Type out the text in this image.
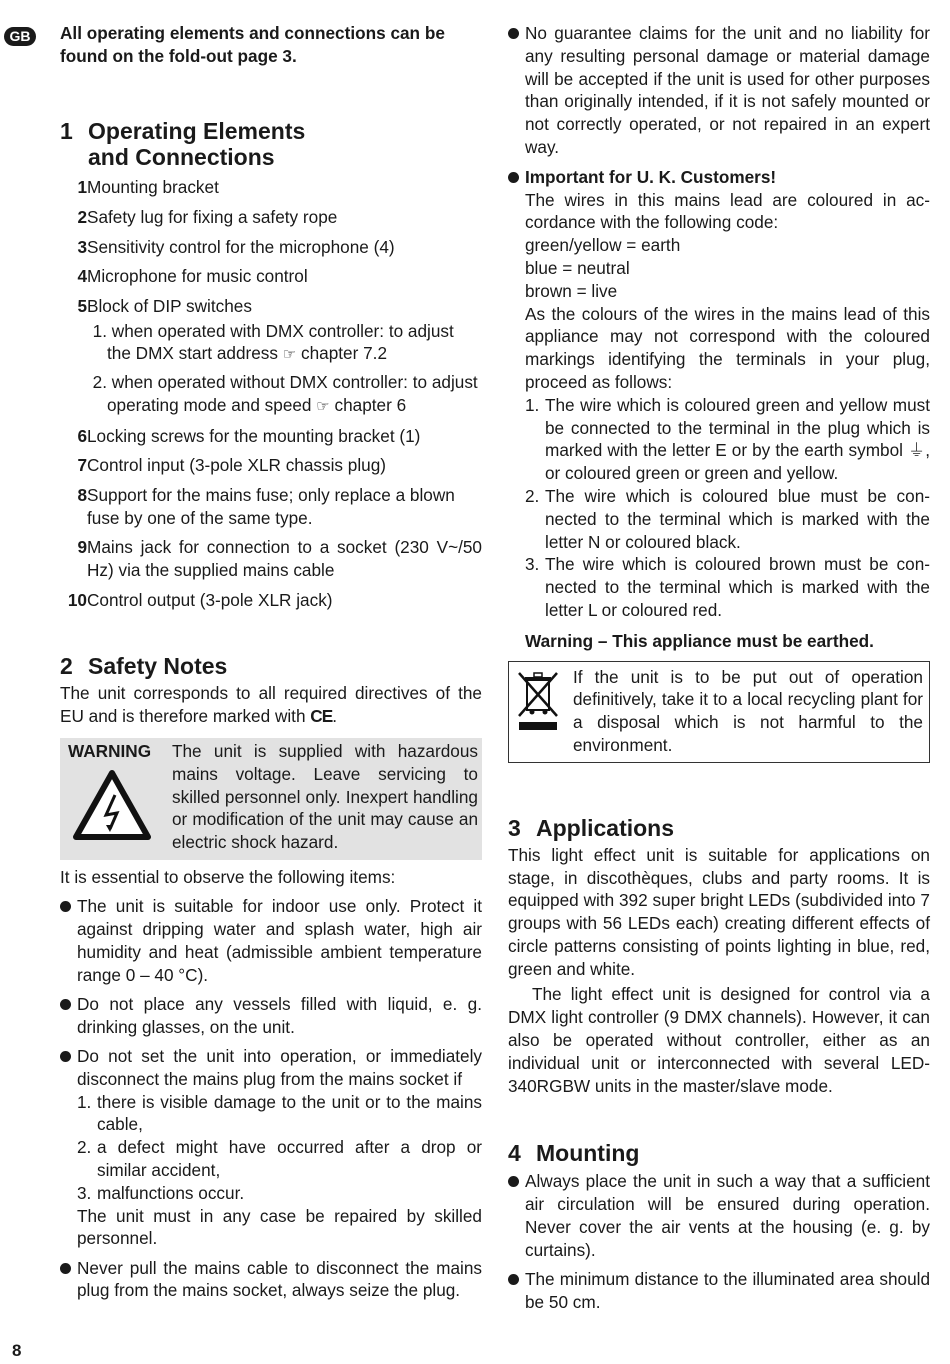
GB	All operating elements and connections can be found on the fold-out page 3.

1 Operating Elements
and Connections
1 Mounting bracket
2 Safety lug for fixing a safety rope
3 Sensitivity control for the microphone (4)
4 Microphone for music control
5 Block of DIP switches
1. when operated with DMX controller: to adjust the DMX start address ☞ chapter 7.2
2. when operated without DMX controller: to adjust operating mode and speed ☞ chapter 6
6 Locking screws for the mounting bracket (1)
7 Control input (3-pole XLR chassis plug)
8 Support for the mains fuse; only replace a blown fuse by one of the same type.
9 Mains jack for connection to a socket (230 V~/50 Hz) via the supplied mains cable
10 Control output (3-pole XLR jack)
2 Safety Notes

The unit corresponds to all required directives of the EU and is therefore marked with CE.

WARNING	The unit is supplied with hazardous mains voltage. Leave servicing to skilled personnel only. Inexpert handling or modification of the unit may cause an electric shock hazard.

It is essential to observe the following items:

The unit is suitable for indoor use only. Protect it against dripping water and splash water, high air humidity and heat (admissible ambient temperature range 0 – 40 °C).
Do not place any vessels filled with liquid, e. g. drinking glasses, on the unit.
Do not set the unit into operation, or immediately disconnect the mains plug from the mains socket if
1. there is visible damage to the unit or to the mains cable,
2. a defect might have occurred after a drop or similar accident,
3. malfunctions occur.
The unit must in any case be repaired by skilled personnel.
Never pull the mains cable to disconnect the mains plug from the mains socket, always seize the plug.
No guarantee claims for the unit and no liability for any resulting personal damage or material damage will be accepted if the unit is used for other purposes than originally intended, if it is not safely mounted or not correctly operated, or not repaired in an expert way.
Important for U. K. Customers!
The wires in this mains lead are coloured in accordance with the following code:
green/yellow = earth
blue = neutral
brown = live
As the colours of the wires in the mains lead of this appliance may not correspond with the coloured markings identifying the terminals in your plug, proceed as follows:
1. The wire which is coloured green and yellow must be connected to the terminal in the plug which is marked with the letter E or by the earth symbol ⏚, or coloured green or green and yellow.
2. The wire which is coloured blue must be connected to the terminal which is marked with the letter N or coloured black.
3. The wire which is coloured brown must be connected to the terminal which is marked with the letter L or coloured red.

Warning – This appliance must be earthed.

If the unit is to be put out of operation definitively, take it to a local recycling plant for a disposal which is not harmful to the environment.
3 Applications

This light effect unit is suitable for applications on stage, in discothèques, clubs and party rooms. It is equipped with 392 super bright LEDs (subdivided into 7 groups with 56 LEDs each) creating different effects of circle patterns consisting of points lighting in blue, red, green and white.

The light effect unit is designed for control via a DMX light controller (9 DMX channels). However, it can also be operated without controller, either as an individual unit or interconnected with several LED-340RGBW units in the master/slave mode.

4 Mounting
Always place the unit in such a way that a sufficient air circulation will be ensured during operation. Never cover the air vents at the housing (e. g. by curtains).
The minimum distance to the illuminated area should be 50 cm.
8
